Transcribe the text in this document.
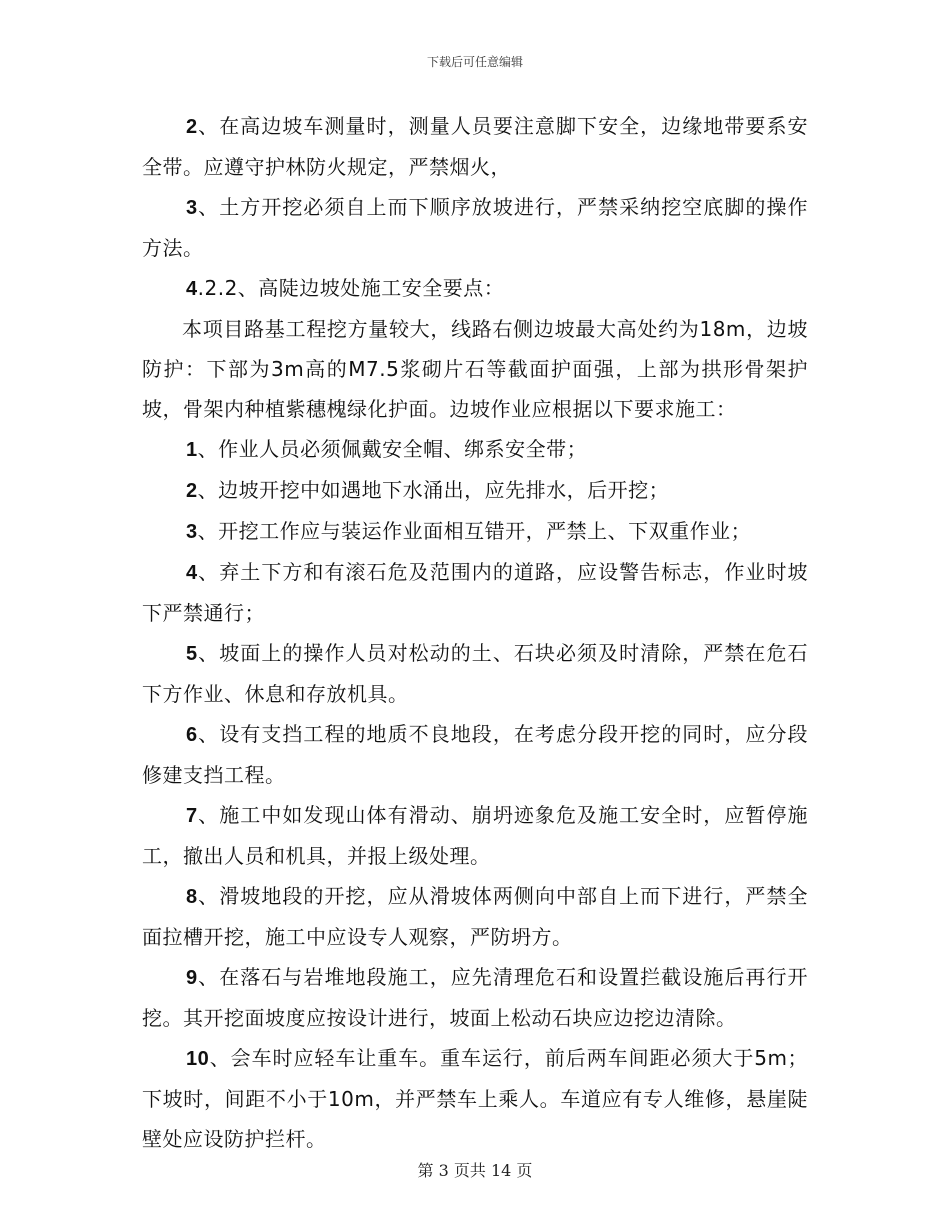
下载后可任意编辑

2、在高边坡车测量时，测量人员要注意脚下安全，边缘地带要系安全带。应遵守护林防火规定，严禁烟火，

3、土方开挖必须自上而下顺序放坡进行，严禁采纳挖空底脚的操作方法。

4.2.2、高陡边坡处施工安全要点：

本项目路基工程挖方量较大，线路右侧边坡最大高处约为18m，边坡防护：下部为3m高的M7.5浆砌片石等截面护面强，上部为拱形骨架护坡，骨架内种植紫穗槐绿化护面。边坡作业应根据以下要求施工：

1、作业人员必须佩戴安全帽、绑系安全带；

2、边坡开挖中如遇地下水涌出，应先排水，后开挖；

3、开挖工作应与装运作业面相互错开，严禁上、下双重作业；

4、弃土下方和有滚石危及范围内的道路，应设警告标志，作业时坡下严禁通行；

5、坡面上的操作人员对松动的土、石块必须及时清除，严禁在危石下方作业、休息和存放机具。

6、设有支挡工程的地质不良地段，在考虑分段开挖的同时，应分段修建支挡工程。

7、施工中如发现山体有滑动、崩坍迹象危及施工安全时，应暂停施工，撤出人员和机具，并报上级处理。

8、滑坡地段的开挖，应从滑坡体两侧向中部自上而下进行，严禁全面拉槽开挖，施工中应设专人观察，严防坍方。

9、在落石与岩堆地段施工，应先清理危石和设置拦截设施后再行开挖。其开挖面坡度应按设计进行，坡面上松动石块应边挖边清除。

10、会车时应轻车让重车。重车运行，前后两车间距必须大于5m；下坡时，间距不小于10m，并严禁车上乘人。车道应有专人维修，悬崖陡壁处应设防护拦杆。

第 3 页共 14 页
